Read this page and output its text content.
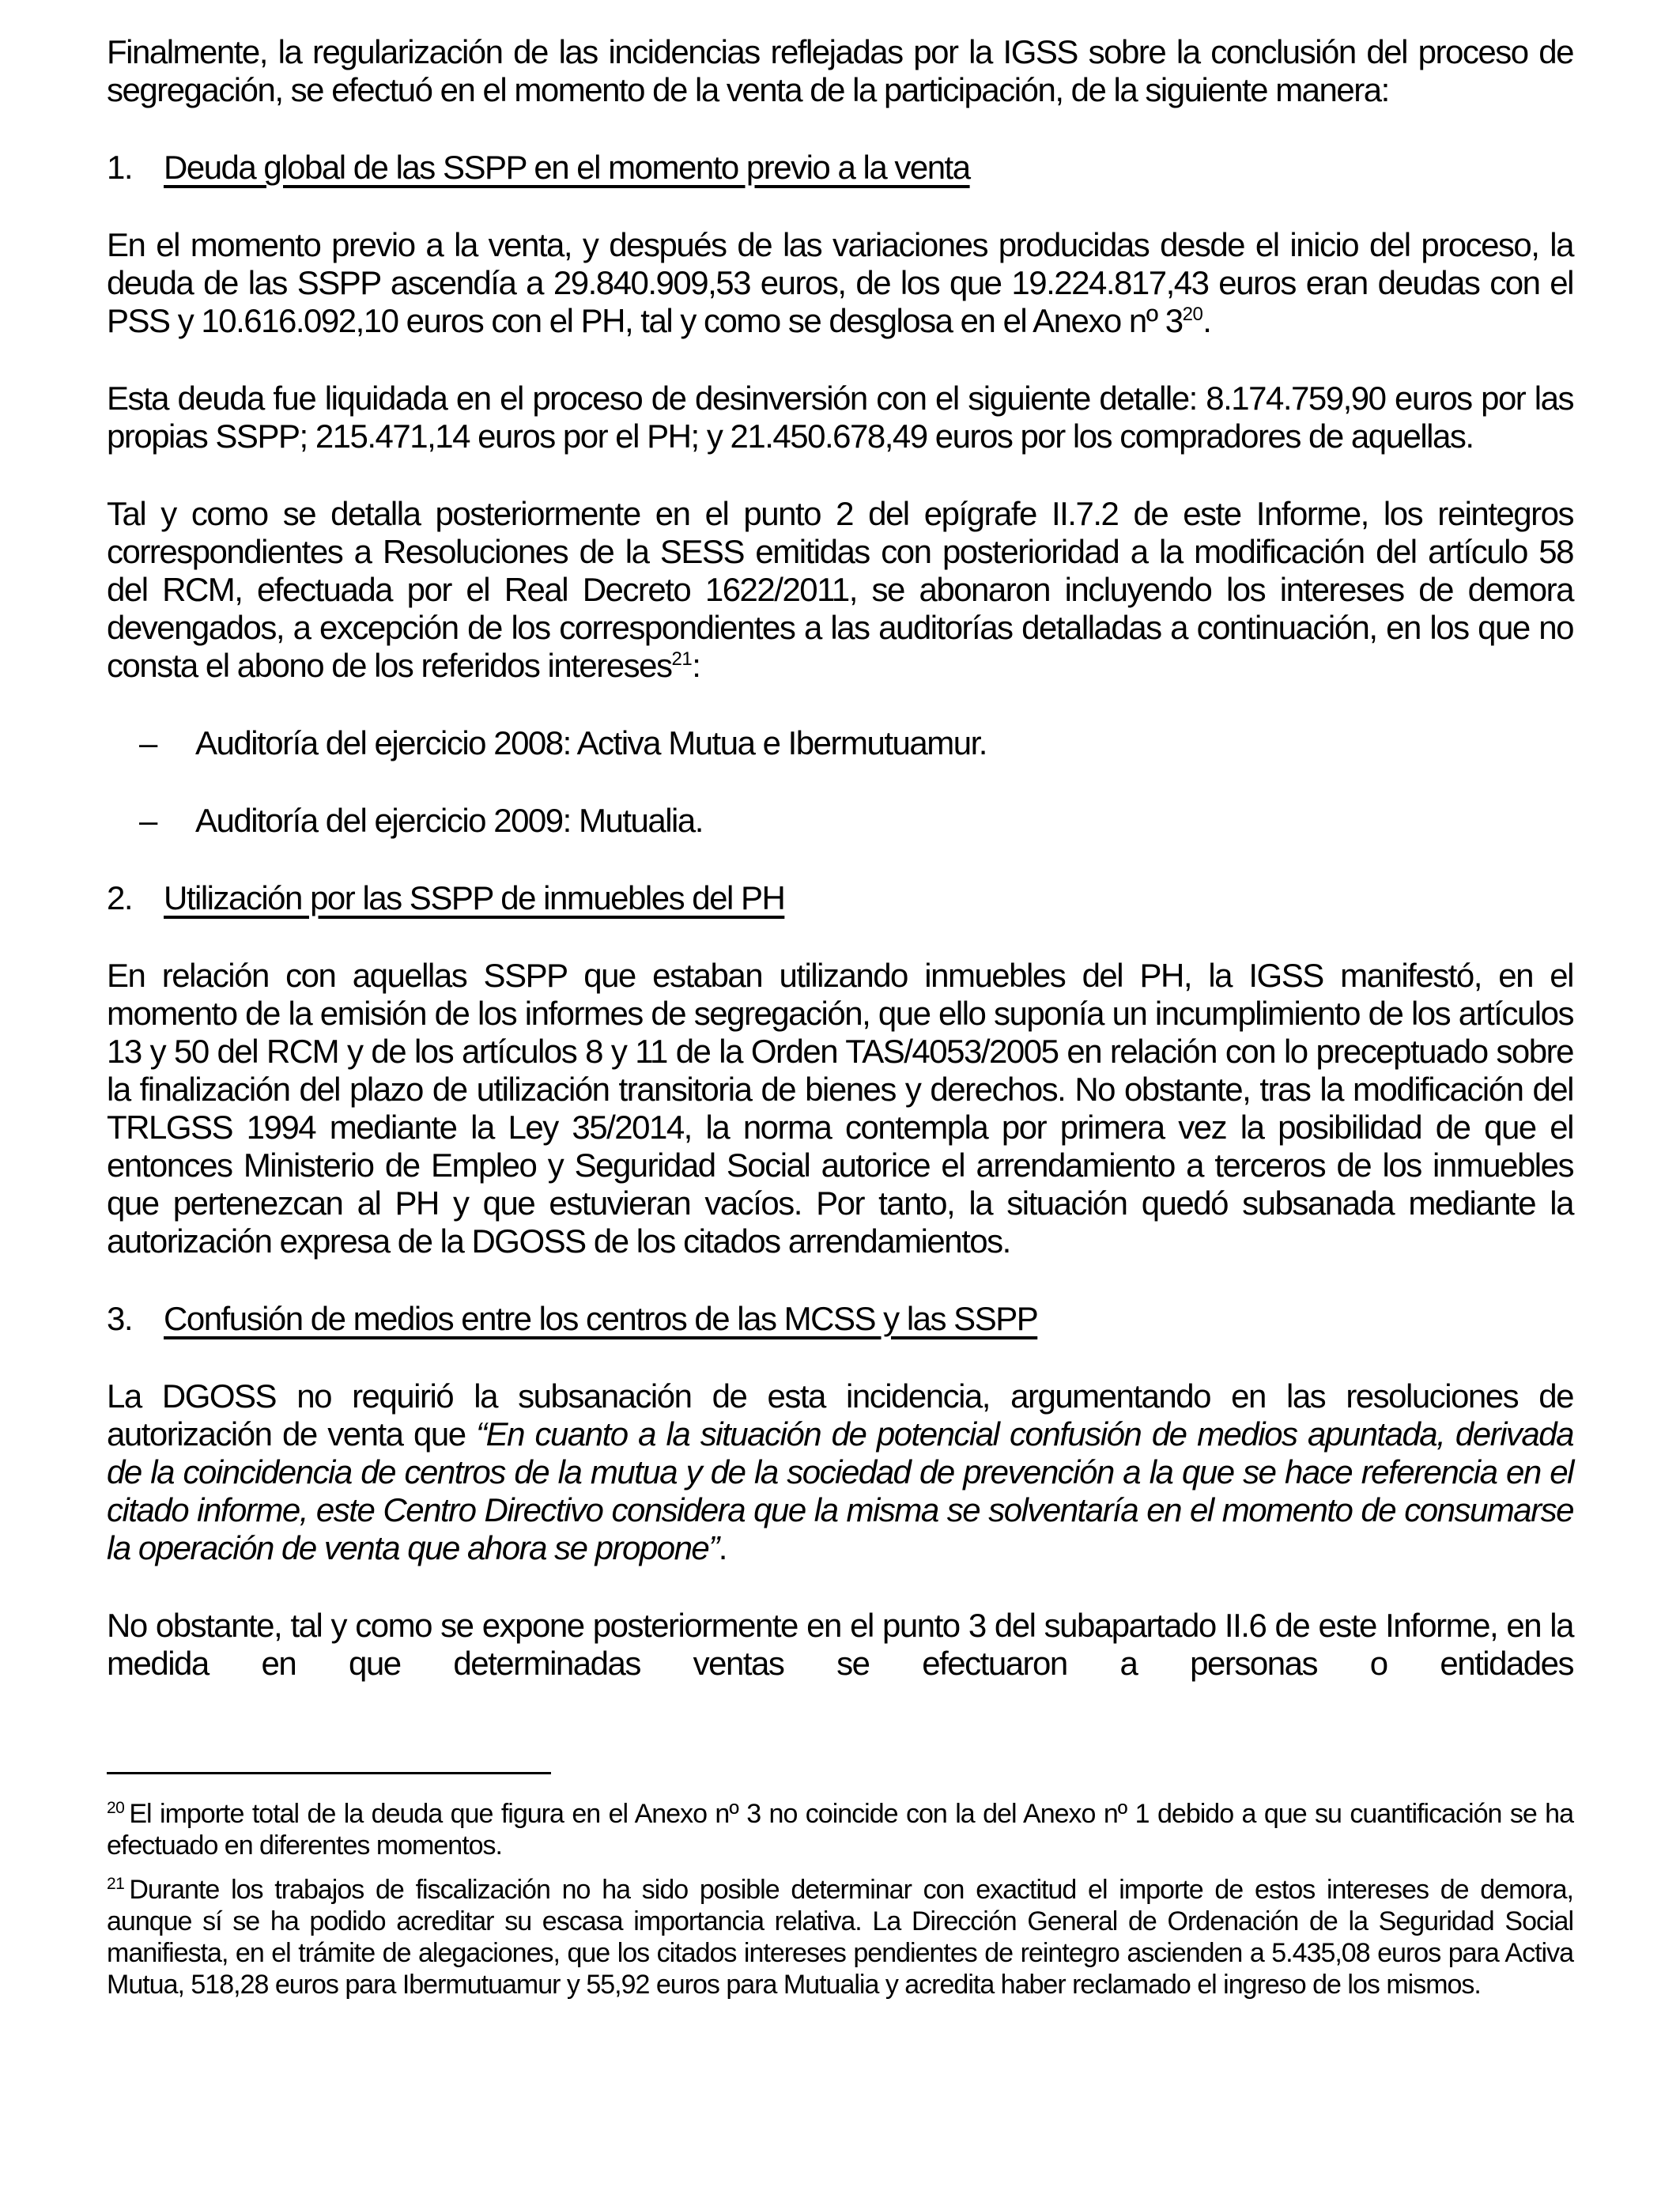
Finalmente, la regularización de las incidencias reflejadas por la IGSS sobre la conclusión del proceso de segregación, se efectuó en el momento de la venta de la participación, de la siguiente manera:

1. Deuda global de las SSPP en el momento previo a la venta

En el momento previo a la venta, y después de las variaciones producidas desde el inicio del proceso, la deuda de las SSPP ascendía a 29.840.909,53 euros, de los que 19.224.817,43 euros eran deudas con el PSS y 10.616.092,10 euros con el PH, tal y como se desglosa en el Anexo nº 3$^{20}$.

Esta deuda fue liquidada en el proceso de desinversión con el siguiente detalle: 8.174.759,90 euros por las propias SSPP; 215.471,14 euros por el PH; y 21.450.678,49 euros por los compradores de aquellas.

Tal y como se detalla posteriormente en el punto 2 del epígrafe II.7.2 de este Informe, los reintegros correspondientes a Resoluciones de la SESS emitidas con posterioridad a la modificación del artículo 58 del RCM, efectuada por el Real Decreto 1622/2011, se abonaron incluyendo los intereses de demora devengados, a excepción de los correspondientes a las auditorías detalladas a continuación, en los que no consta el abono de los referidos intereses$^{21}$:

–	Auditoría del ejercicio 2008: Activa Mutua e Ibermutuamur.
–	Auditoría del ejercicio 2009: Mutualia.

2. Utilización por las SSPP de inmuebles del PH

En relación con aquellas SSPP que estaban utilizando inmuebles del PH, la IGSS manifestó, en el momento de la emisión de los informes de segregación, que ello suponía un incumplimiento de los artículos 13 y 50 del RCM y de los artículos 8 y 11 de la Orden TAS/4053/2005 en relación con lo preceptuado sobre la finalización del plazo de utilización transitoria de bienes y derechos. No obstante, tras la modificación del TRLGSS 1994 mediante la Ley 35/2014, la norma contempla por primera vez la posibilidad de que el entonces Ministerio de Empleo y Seguridad Social autorice el arrendamiento a terceros de los inmuebles que pertenezcan al PH y que estuvieran vacíos. Por tanto, la situación quedó subsanada mediante la autorización expresa de la DGOSS de los citados arrendamientos.

3. Confusión de medios entre los centros de las MCSS y las SSPP

La DGOSS no requirió la subsanación de esta incidencia, argumentando en las resoluciones de autorización de venta que “En cuanto a la situación de potencial confusión de medios apuntada, derivada de la coincidencia de centros de la mutua y de la sociedad de prevención a la que se hace referencia en el citado informe, este Centro Directivo considera que la misma se solventaría en el momento de consumarse la operación de venta que ahora se propone”.

No obstante, tal y como se expone posteriormente en el punto 3 del subapartado II.6 de este Informe, en la medida en que determinadas ventas se efectuaron a personas o entidades

$^{20}$ El importe total de la deuda que figura en el Anexo nº 3 no coincide con la del Anexo nº 1 debido a que su cuantificación se ha efectuado en diferentes momentos.
$^{21}$ Durante los trabajos de fiscalización no ha sido posible determinar con exactitud el importe de estos intereses de demora, aunque sí se ha podido acreditar su escasa importancia relativa. La Dirección General de Ordenación de la Seguridad Social manifiesta, en el trámite de alegaciones, que los citados intereses pendientes de reintegro ascienden a 5.435,08 euros para Activa Mutua, 518,28 euros para Ibermutuamur y 55,92 euros para Mutualia y acredita haber reclamado el ingreso de los mismos.
